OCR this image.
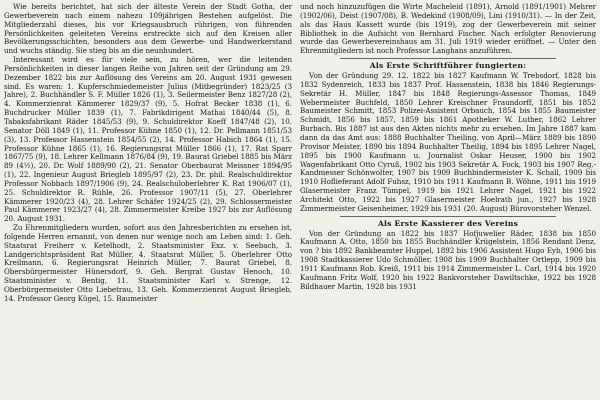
Wie bereits berichtet, hat sich der älteste Verein der Stadt Gotha, der Gewerbeverein nach einem nahezu 109jährigen Bestehen aufgelöst. Die Mitgliederzahl dieses, bis vor Kriegsausbruch rührigen, von führenden Persönlichkeiten geleiteten Vereins erstreckte sich auf den Kreisen aller Bevölkerungsschichten, besonders aus dem Gewerbe- und Handwerkerstand und wuchs ständig. Sie stieg bis an die neunhundert.

Interessant wird es für viele sein, zu hören, wer die leitenden Persönlichkeiten in dieser langen Reihe von Jahren seit der Gründung am 29. Dezember 1822 bis zur Auflösung des Vereins am 20. August 1931 gewesen sind. Es waren: 1. Kupferschmiedemeister Julius (Mitbegründer) 1823/25 (3 Jahre), 2. Buchhändler S. F. Müller 1826 (1), 3. Seilermeister Benz 1827/28 (2), 4. Kommerzienrat Kämmerer 1829/37 (9), 5. Hofrat Becker 1838 (1), 6. Buchdrucker Müller 1839 (1), 7. Fabrikdirigent Mathai 1840/44 (5), 8. Tabaksfabrikant Räder 1845/53 (9), 9. Schuldirektor Koeff 1847/48 (2), 10. Senator Döll 1849 (1), 11. Professor Kühne 1850 (1), 12. Dr. Pellmann 1851/53 (3), 13. Professor Hassenstein 1854/55 (2), 14. Professor Habich 1864 (1), 15. Professor Kühne 1865 (1), 16. Regierungsrat Müller 1866 (1), 17. Rat Sparr 1867/75 (9), 18. Lehrer Kellmann 1876/84 (9), 19. Baurat Griebel 1885 bis März 89 (4½), 20. Dr. Wolf 1889/90 (2), 21. Senator Oberbaurat Meissner 1894/95 (1), 22. Ingenieur August Briegleb 1895/97 (2), 23. Dr. phil. Realschuldirektor Professor Nobbach 1897/1906 (9), 24. Realschuloberlehrer K. Rat 1906/07 (1), 25. Schuldirektor R. Rühle, 26. Professor 1907/11 (5), 27. Oberlehrer Kämmerer 1920/23 (4), 28. Lehrer Schäfer 1924/25 (2), 29. Schlossermeister Paul Kämmerer 1923/27 (4), 28. Zimmermeister Kreibe 1927 bis zur Auflösung 20. August 1931.

Zu Ehrenmitgliedern wurden, sofort aus den Jahresberichten zu ersehen ist, folgende Herren ernannt, von denen nur wenige noch am Leben sind: 1. Geh. Staatsrat Freiherr v. Ketelhodt, 2. Staatsminister Exz. v. Seebach, 3. Landgerichtspräsident Rat Müller, 4. Staatsrat Müller, 5. Oberlehrer Otto Kreilmann, 6. Regierungsrat Heinrich Müller, 7. Baurat Griebel, 8. Obersbürgermeister Hünersdorf, 9. Geh. Bergrat Gustav Henoch, 10. Staatsminister v. Bentig, 11. Staatsminister Karl v. Strenge, 12. Oberbürgermeister Otto Liebetrau, 13. Geh. Kommerzienrat August Briegleb, 14. Professor Georg Kügel, 15. Baumeister

und noch hinzuzufügen die Wirte Macheleid (1891), Arnold (1891/1901) Mehrer (1902/06), Deist (1907/08), B. Wedekind (1908/09), Lini (1910/31). — In der Zeit, als das Haus Kassett wurde (bis 1919), zog der Gewerbeverein mit seiner Bibliothek in die Aufsicht von Bernhard Fischer. Nach erfolgter Renovierung wurde das Gewerbevereinshaus am 31. Juli 1919 wieder eröffnet. — Unter den Ehrenmitgliedern ist noch Professor Langhans anzuführen.

Als Erste Schriftführer fungierten:

Von der Gründung 29. 12. 1822 bis 1827 Kaufmann W. Trebsdorf, 1828 bis 1832 Sydenreich, 1833 bis 1837 Prof. Hassenstein, 1838 bis 1846 Regierungs-Sekretär H. Müller, 1847 bis 1848 Regierungs-Assessor Thomas, 1849 Webermeister Buchfeld, 1850 Lehrer Kreischner Fraundorff, 1851 bis 1852 Baumeister Schmitt, 1853 Polizei-Assistent Orbauch, 1854 bis 1855 Baumeister Schmidt, 1856 bis 1857, 1859 bis 1861 Apotheker W. Luther, 1862 Lehrer Burbach. Bis 1887 ist aus den Akten nichts mehr zu ersehen. Im Jahre 1887 kam dann da das Amt aus: 1888 Buchhalter Theiling, von April—März 1889 bis 1890 Provisor Meister, 1890 bis 1894 Buchhalter Theilig, 1894 bis 1895 Lehrer Nagel, 1895 bis 1900 Kaufmann u. Journalist Oskar Heuser, 1900 bis 1902 Wagenfabrikant Otto Cyruß, 1902 bis 1903 Sekretär A. Fock, 1903 bis 1907 Reg.-Kandmesser Schönwolter, 1907 bis 1909 Buchbindermeister K. Schall, 1909 bis 1910 Hoflieferant Adolf Fuhsz, 1910 bis 1911 Kaufmann B. Wöhne, 1911 bis 1919 Glasermeister Franz Tümpel, 1919 bis 1921 Lehrer Nagel, 1921 bis 1922 Architekt Otto, 1922 bis 1927 Glasermeister Hoelrath jun., 1927 bis 1928 Zimmermeister Geisenheimer, 1929 bis 1931 (20. August) Bürovorsteher Wenzel.

Als Erste Kassierer des Vereins

Von der Gründung an 1822 bis 1837 Hofjuwelier Räder, 1838 bis 1850 Kaufmann A. Otto, 1850 bis 1855 Buchhändler Krügelstein, 1856 Rendant Denz, von ? bis 1892 Bankbeamter Huppel, 1892 bis 1906 Assistent Hugo Eyb, 1906 bis 1908 Stadtkassierer Udo Schmöller, 1908 bis 1909 Buchhalter Ortlepp, 1909 bis 1911 Kaufmann Rob. Kreiß, 1911 bis 1914 Zimmermeister L. Carl, 1914 bis 1920 Kaufmann Fritz Wolf, 1920 bis 1922 Bankvorsteher Dawiltschke, 1922 bis 1928 Bildhauer Martin, 1928 bis 1931
